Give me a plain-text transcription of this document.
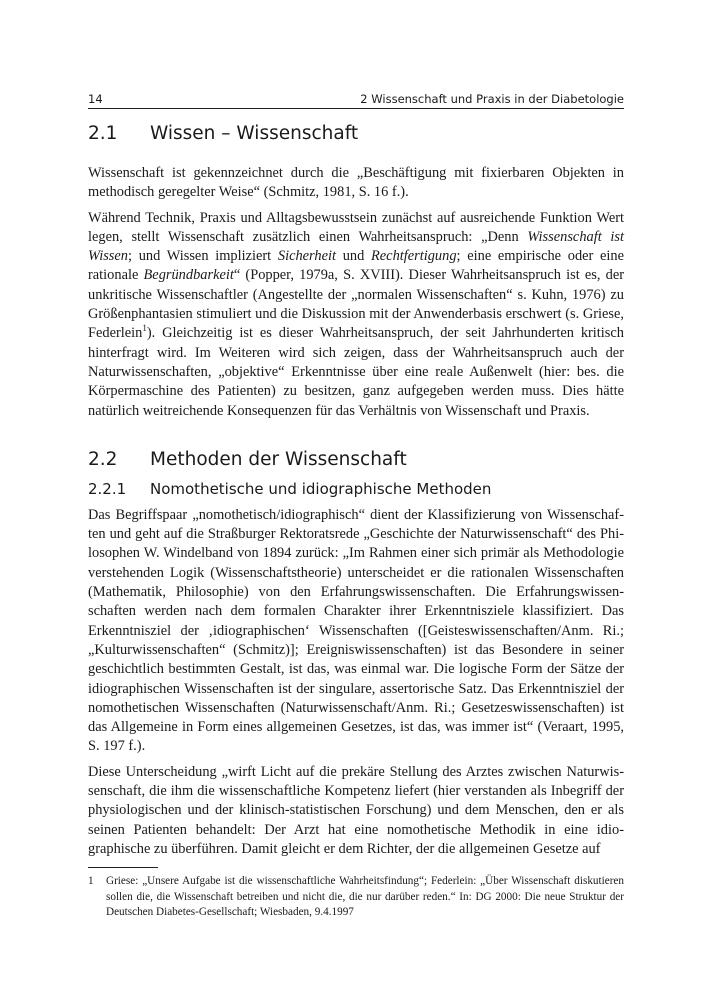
14	2 Wissenschaft und Praxis in der Diabetologie
2.1	Wissen – Wissenschaft

Wissenschaft ist gekennzeichnet durch die „Beschäftigung mit fixierbaren Objekten in methodisch geregelter Weise“ (Schmitz, 1981, S. 16 f.).

Während Technik, Praxis und Alltagsbewusstsein zunächst auf ausreichende Funktion Wert legen, stellt Wissenschaft zusätzlich einen Wahrheitsanspruch: „Denn Wissenschaft ist Wissen; und Wissen impliziert Sicherheit und Rechtfertigung; eine empirische oder eine rationale Begründbarkeit“ (Popper, 1979a, S. XVIII). Dieser Wahrheitsanspruch ist es, der unkritische Wissenschaftler (Angestellte der „normalen Wissenschaften“ s. Kuhn, 1976) zu Größenphantasien stimuliert und die Diskussion mit der Anwenderbasis erschwert (s. Griese, Federlein$^1$). Gleichzeitig ist es dieser Wahrheitsanspruch, der seit Jahrhunderten kritisch hinterfragt wird. Im Weiteren wird sich zeigen, dass der Wahrheitsanspruch auch der Naturwissenschaften, „objektive“ Erkenntnisse über eine reale Außenwelt (hier: bes. die Körpermaschine des Patienten) zu besitzen, ganz aufgegeben werden muss. Dies hätte natürlich weitreichende Konsequenzen für das Verhältnis von Wissenschaft und Praxis.

2.2	Methoden der Wissenschaft
2.2.1	Nomothetische und idiographische Methoden

Das Begriffspaar „nomothetisch/idiographisch“ dient der Klassifizierung von Wissenschaften und geht auf die Straßburger Rektoratsrede „Geschichte der Naturwissenschaft“ des Philosophen W. Windelband von 1894 zurück: „Im Rahmen einer sich primär als Methodologie verstehenden Logik (Wissenschaftstheorie) unterscheidet er die rationalen Wissenschaften (Mathematik, Philosophie) von den Erfahrungswissenschaften. Die Erfahrungswissenschaften werden nach dem formalen Charakter ihrer Erkenntnisziele klassifiziert. Das Erkenntnisziel der ‚idiographischen‘ Wissenschaften ([Geisteswissenschaften/Anm. Ri.; „Kulturwissenschaften“ (Schmitz)]; Ereigniswissenschaften) ist das Besondere in seiner geschichtlich bestimmten Gestalt, ist das, was einmal war. Die logische Form der Sätze der idiographischen Wissenschaften ist der singulare, assertorische Satz. Das Erkenntnisziel der nomothetischen Wissenschaften (Naturwissenschaft/Anm. Ri.; Gesetzeswissenschaften) ist das Allgemeine in Form eines allgemeinen Gesetzes, ist das, was immer ist“ (Veraart, 1995, S. 197 f.).

Diese Unterscheidung „wirft Licht auf die prekäre Stellung des Arztes zwischen Naturwissenschaft, die ihm die wissenschaftliche Kompetenz liefert (hier verstanden als Inbegriff der physiologischen und der klinisch-statistischen Forschung) und dem Menschen, den er als seinen Patienten behandelt: Der Arzt hat eine nomothetische Methodik in eine idiographische zu überführen. Damit gleicht er dem Richter, der die allgemeinen Gesetze auf

1	Griese: „Unsere Aufgabe ist die wissenschaftliche Wahrheitsfindung“; Federlein: „Über Wissenschaft diskutieren sollen die, die Wissenschaft betreiben und nicht die, die nur darüber reden.“ In: DG 2000: Die neue Struktur der Deutschen Diabetes-Gesellschaft; Wiesbaden, 9.4.1997
